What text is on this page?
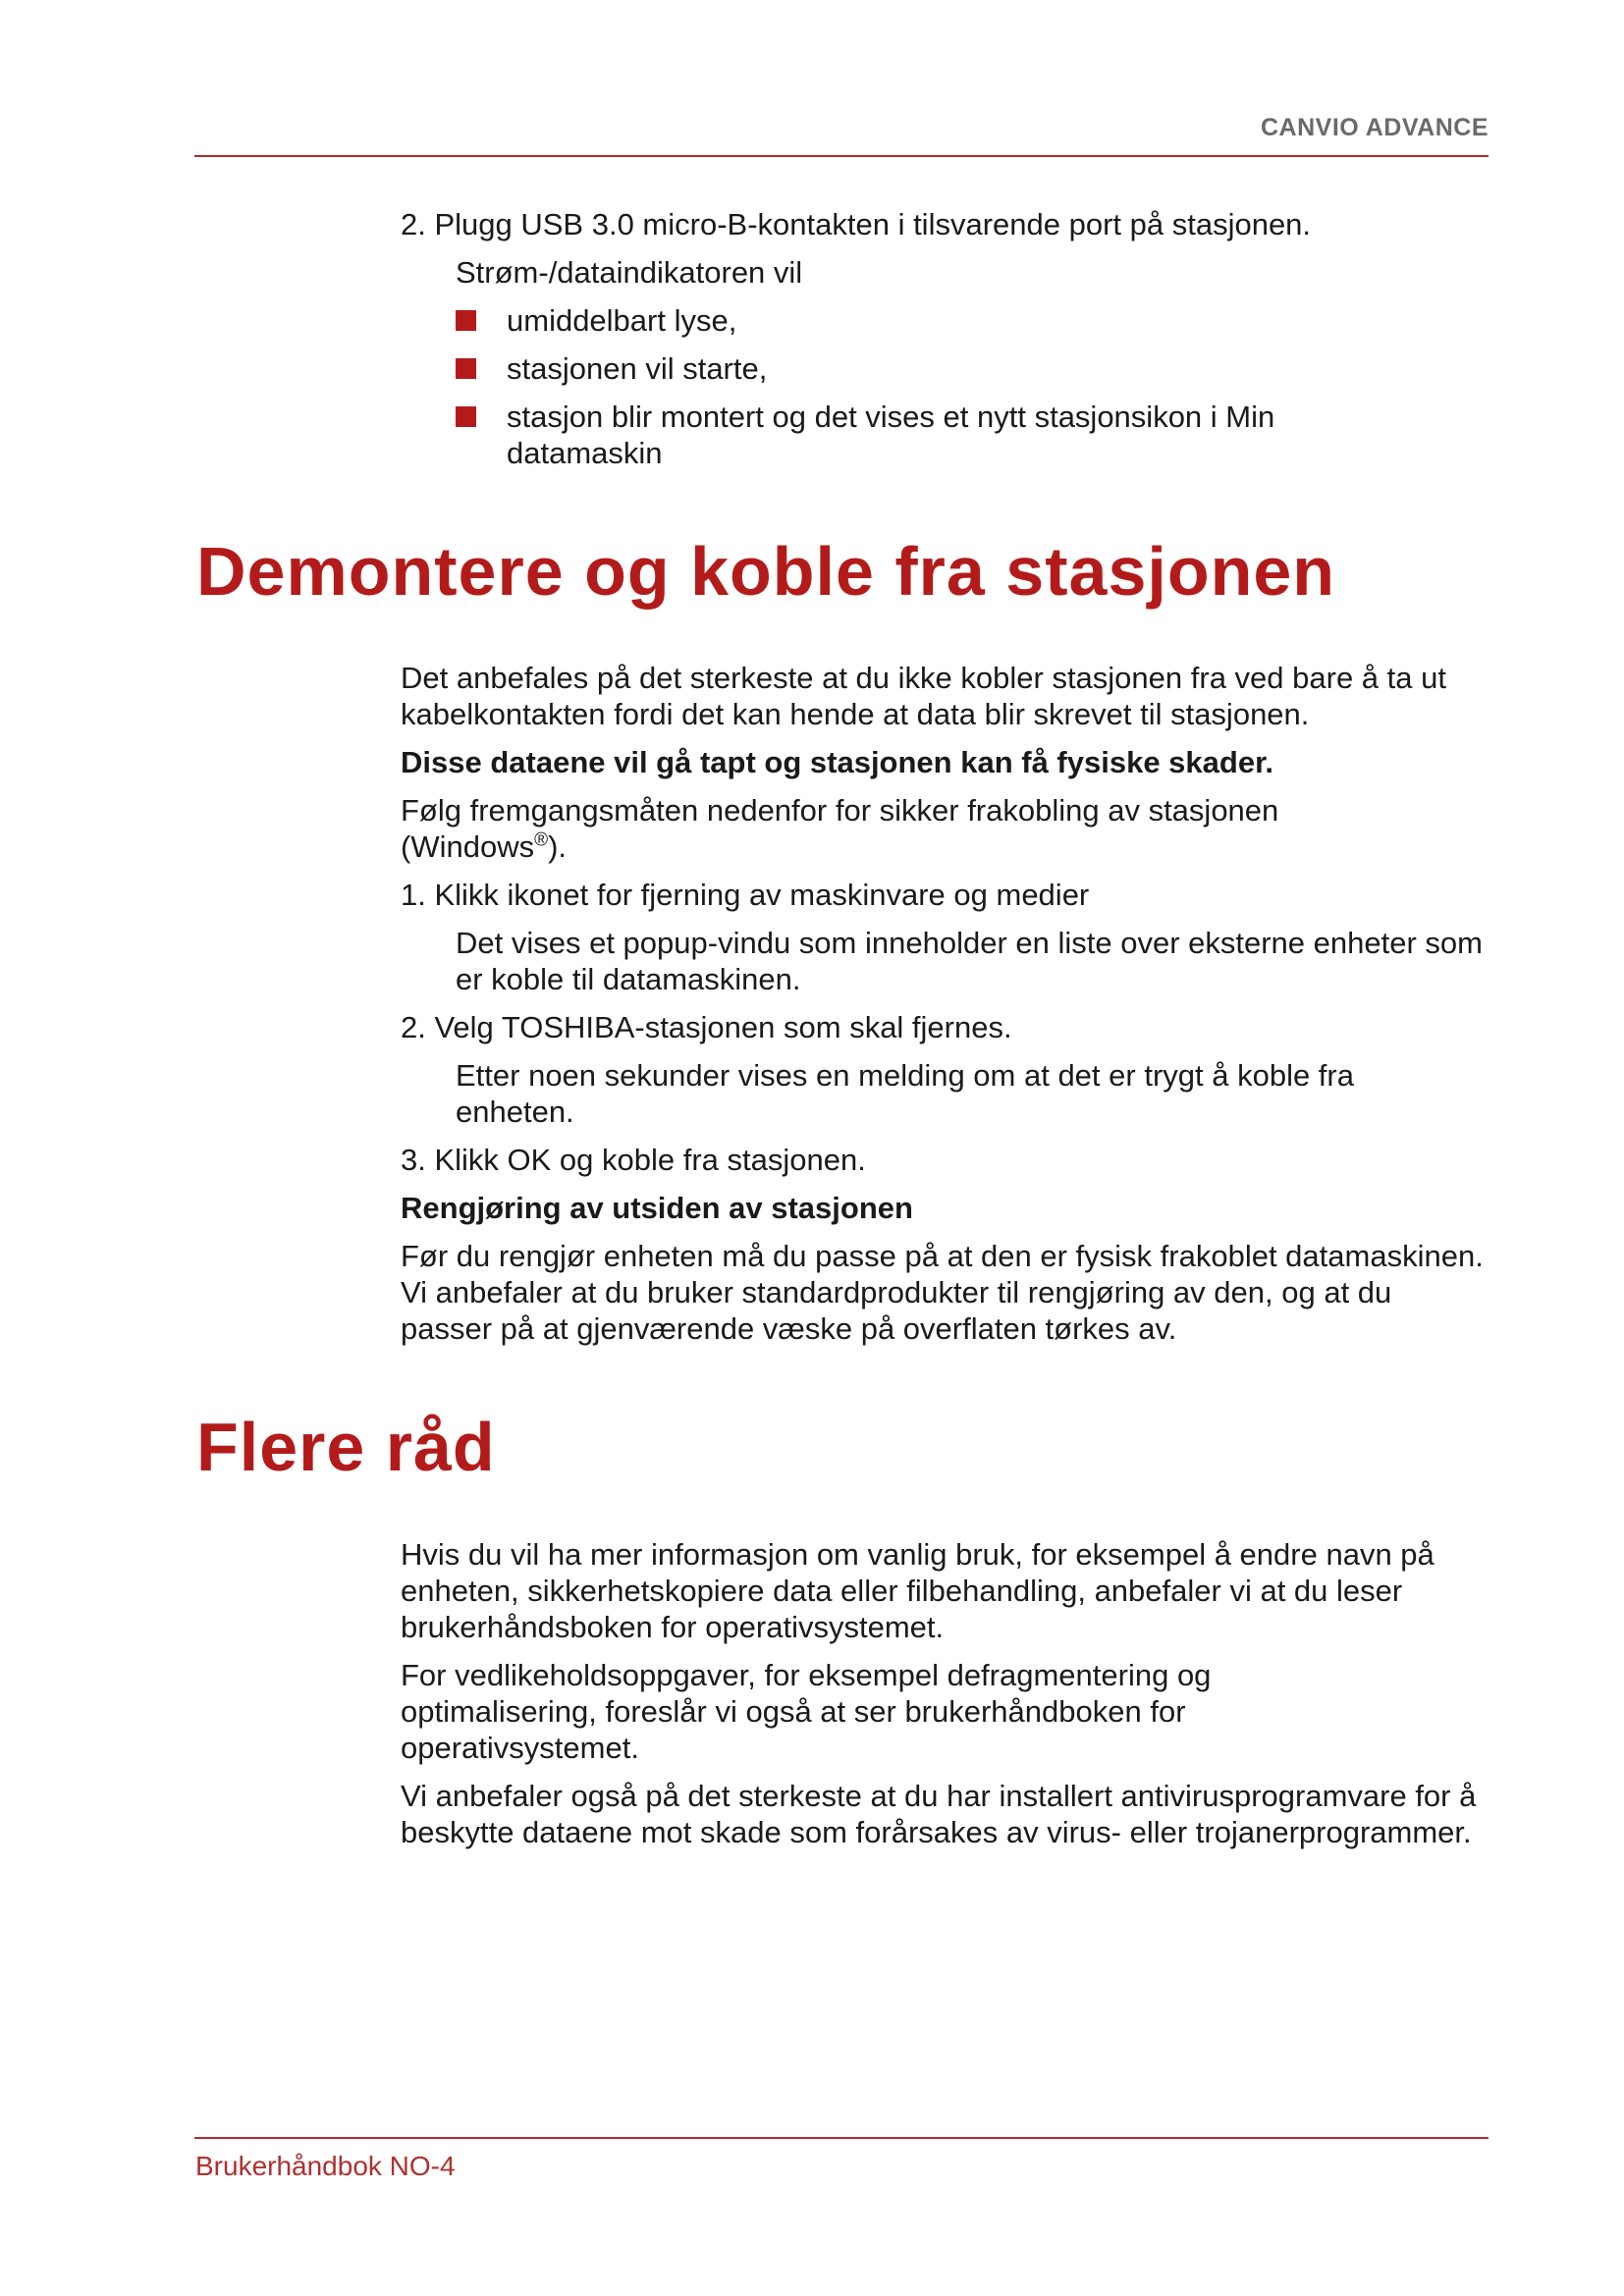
CANVIO ADVANCE

2. Plugg USB 3.0 micro-B-kontakten i tilsvarende port på stasjonen.

Strøm-/dataindikatoren vil

umiddelbart lyse,
stasjonen vil starte,
stasjon blir montert og det vises et nytt stasjonsikon i Min datamaskin
Demontere og koble fra stasjonen

Det anbefales på det sterkeste at du ikke kobler stasjonen fra ved bare å ta ut kabelkontakten fordi det kan hende at data blir skrevet til stasjonen.

Disse dataene vil gå tapt og stasjonen kan få fysiske skader.

Følg fremgangsmåten nedenfor for sikker frakobling av stasjonen (Windows®).

1. Klikk ikonet for fjerning av maskinvare og medier

Det vises et popup-vindu som inneholder en liste over eksterne enheter som er koble til datamaskinen.

2. Velg TOSHIBA-stasjonen som skal fjernes.

Etter noen sekunder vises en melding om at det er trygt å koble fra enheten.

3. Klikk OK og koble fra stasjonen.

Rengjøring av utsiden av stasjonen

Før du rengjør enheten må du passe på at den er fysisk frakoblet datamaskinen. Vi anbefaler at du bruker standardprodukter til rengjøring av den, og at du passer på at gjenværende væske på overflaten tørkes av.

Flere råd

Hvis du vil ha mer informasjon om vanlig bruk, for eksempel å endre navn på enheten, sikkerhetskopiere data eller filbehandling, anbefaler vi at du leser brukerhåndsboken for operativsystemet.

For vedlikeholdsoppgaver, for eksempel defragmentering og optimalisering, foreslår vi også at ser brukerhåndboken for operativsystemet.

Vi anbefaler også på det sterkeste at du har installert antivirusprogramvare for å beskytte dataene mot skade som forårsakes av virus- eller trojanerprogrammer.

Brukerhåndbok NO-4
